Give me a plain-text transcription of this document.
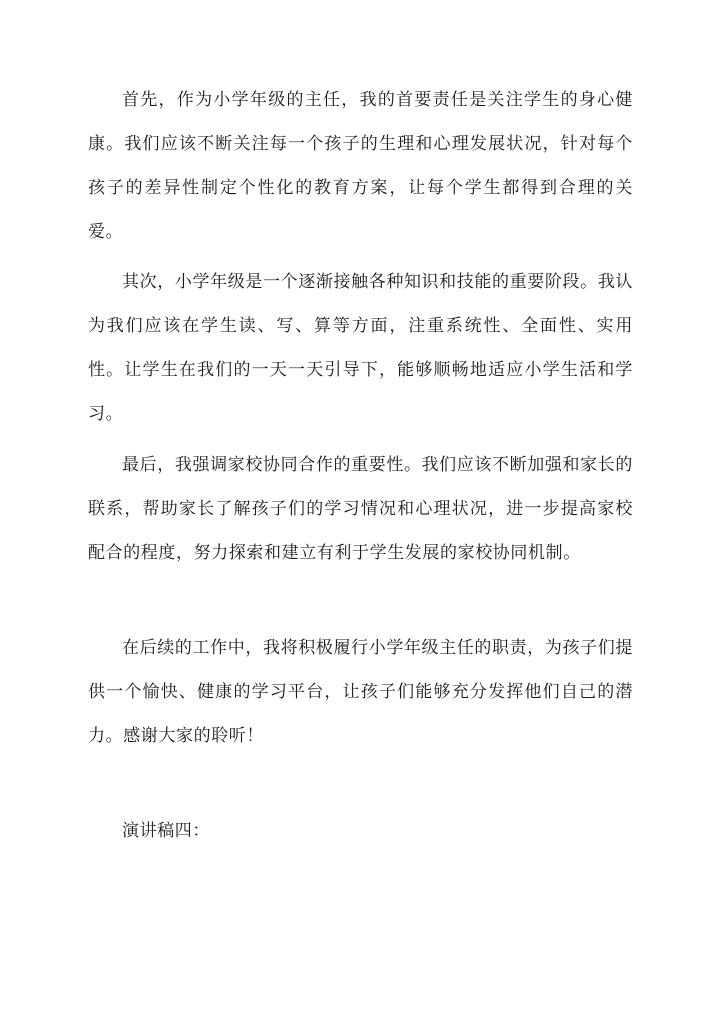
首先，作为小学年级的主任，我的首要责任是关注学生的身心健康。我们应该不断关注每一个孩子的生理和心理发展状况，针对每个孩子的差异性制定个性化的教育方案，让每个学生都得到合理的关爱。

其次，小学年级是一个逐渐接触各种知识和技能的重要阶段。我认为我们应该在学生读、写、算等方面，注重系统性、全面性、实用性。让学生在我们的一天一天引导下，能够顺畅地适应小学生活和学习。

最后，我强调家校协同合作的重要性。我们应该不断加强和家长的联系，帮助家长了解孩子们的学习情况和心理状况，进一步提高家校配合的程度，努力探索和建立有利于学生发展的家校协同机制。

在后续的工作中，我将积极履行小学年级主任的职责，为孩子们提供一个愉快、健康的学习平台，让孩子们能够充分发挥他们自己的潜力。感谢大家的聆听！

演讲稿四：
